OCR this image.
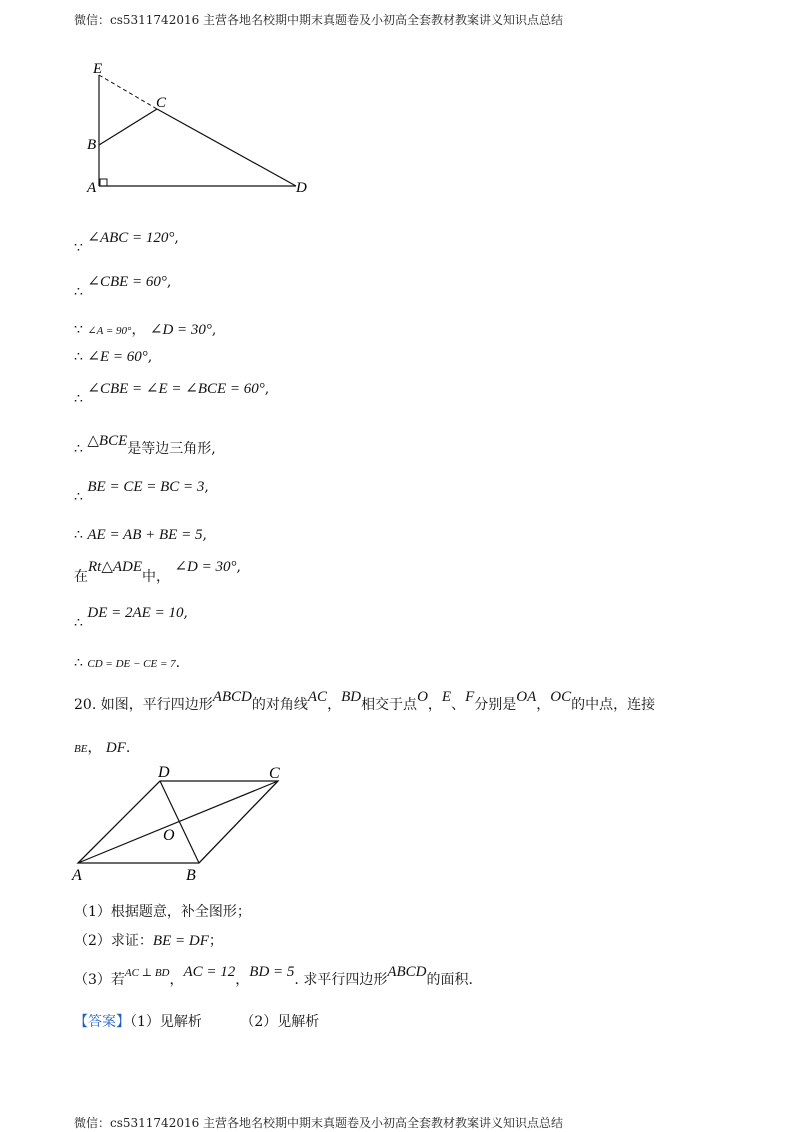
微信：cs5311742016 主营各地名校期中期末真题卷及小初高全套教材教案讲义知识点总结
微信：cs5311742016 主营各地名校期中期末真题卷及小初高全套教材教案讲义知识点总结
E
C
B
A	D
∵ ∠ABC = 120°,
∴ ∠CBE = 60°,
∵ ∠A = 90°， ∠D = 30°,
∴ ∠E = 60°,
∴ ∠CBE = ∠E = ∠BCE = 60°,
∴ △BCE是等边三角形,
∴ BE = CE = BC = 3,
∴ AE = AB + BE = 5,
在Rt△ADE中， ∠D = 30°,
∴ DE = 2AE = 10,
∴ CD = DE − CE = 7.
20. 如图，平行四边形ABCD的对角线AC，BD相交于点O，E、F分别是OA，OC的中点，连接
BE， DF.
D	C
O
A	B
（1）根据题意，补全图形；
（2）求证：BE = DF；
（3）若$^{AC \perp BD}$，AC = 12，BD = 5. 求平行四边形ABCD的面积.
【答案】（1）见解析	（2）见解析
